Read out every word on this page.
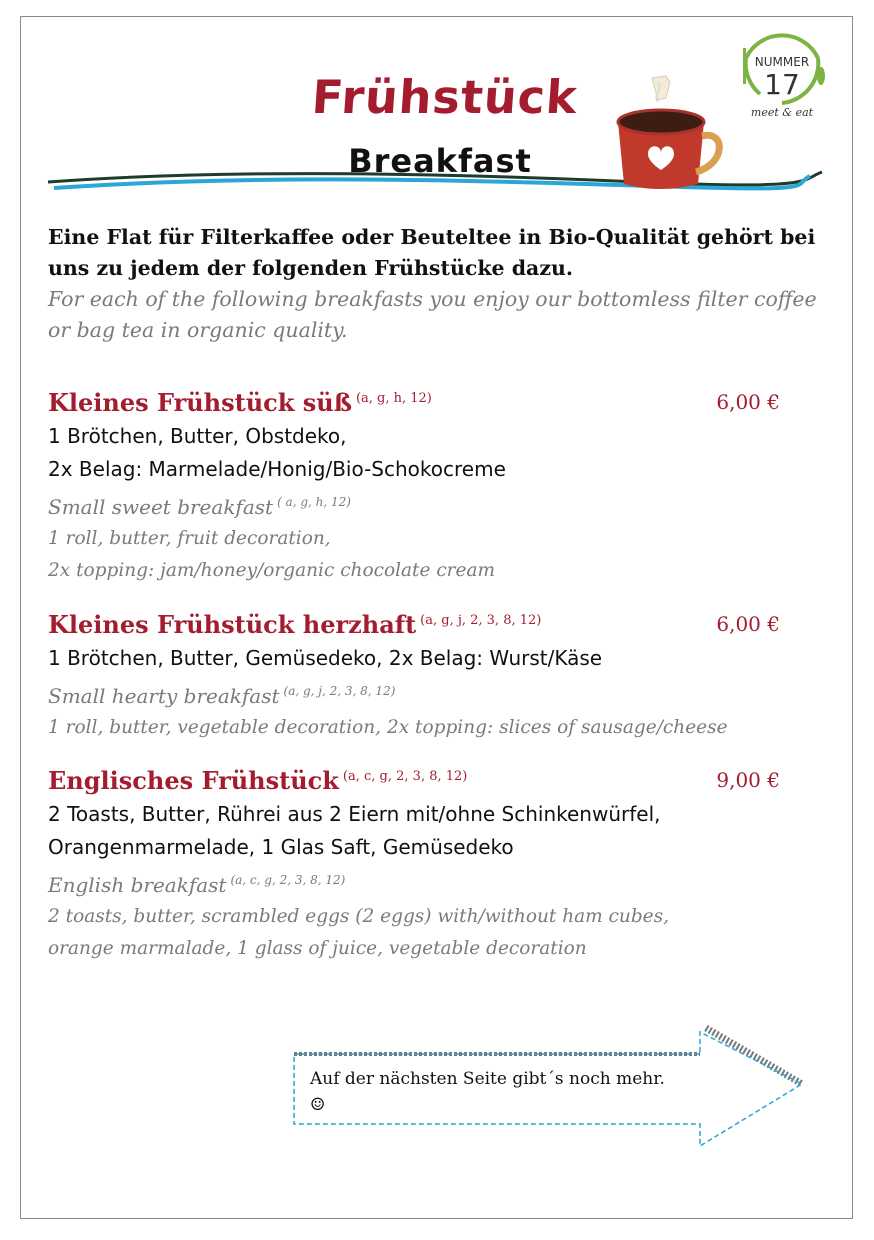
NUMMER
17
meet & eat
Frühstück
Breakfast
Eine Flat für Filterkaffee oder Beuteltee in Bio-Qualität gehört bei uns zu jedem der folgenden Frühstücke dazu.
For each of the following breakfasts you enjoy our bottomless filter coffee or bag tea in organic quality.
Kleines Frühstück süß $^{(a, g, h, 12)}$	6,00 €
1 Brötchen, Butter, Obstdeko,
2x Belag: Marmelade/Honig/Bio-Schokocreme
Small sweet breakfast $^{( a, g, h, 12)}$
1 roll, butter, fruit decoration,
2x topping: jam/honey/organic chocolate cream
Kleines Frühstück herzhaft $^{(a, g, j, 2, 3, 8, 12)}$	6,00 €
1 Brötchen, Butter, Gemüsedeko, 2x Belag: Wurst/Käse
Small hearty breakfast $^{(a, g, j, 2, 3, 8, 12)}$
1 roll, butter, vegetable decoration, 2x topping: slices of sausage/cheese
Englisches Frühstück $^{(a, c, g, 2, 3, 8, 12)}$	9,00 €
2 Toasts, Butter, Rührei aus 2 Eiern mit/ohne Schinkenwürfel,
Orangenmarmelade, 1 Glas Saft, Gemüsedeko
English breakfast $^{(a, c, g, 2, 3, 8, 12)}$
2 toasts, butter, scrambled eggs (2 eggs) with/without ham cubes,
orange marmalade, 1 glass of juice, vegetable decoration
Auf der nächsten Seite gibt´s noch mehr.
☺
